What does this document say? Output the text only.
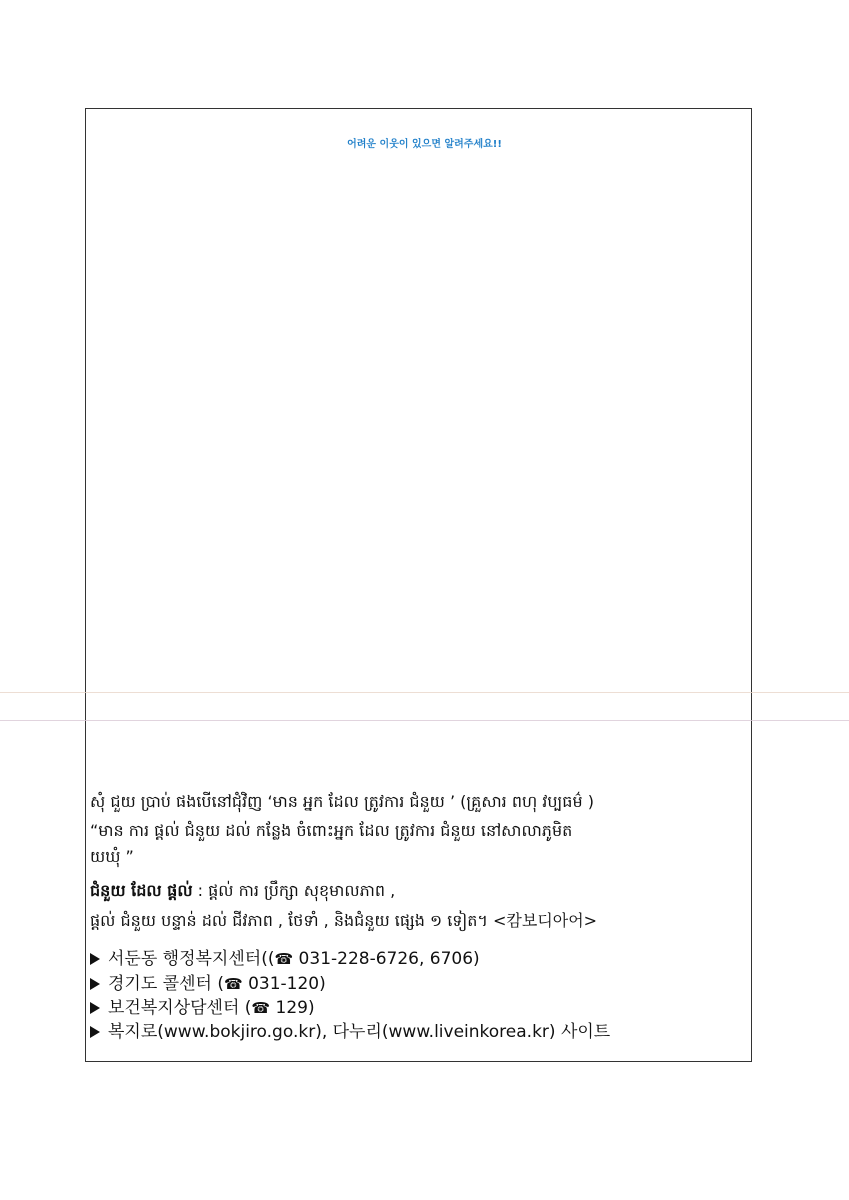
어려운 이웃이 있으면 알려주세요!!

សុំ ជួយ ប្រាប់ ផងបើនៅជុំវិញ ‘មាន អ្នក ដែល ត្រូវការ ជំនួយ ’ (គ្រួសារ ពហុ វប្បធម៌ )

“មាន ការ ផ្តល់ ជំនួយ ដល់ កន្លែង ចំពោះអ្នក ដែល ត្រូវការ ជំនួយ នៅសាលាភូមិត

យឃុំ ”

ជំនួយ ដែល ផ្តល់ : ផ្តល់ ការ ប្រឹក្សា សុខុមាលភាព ,

ផ្តល់ ជំនួយ បន្ទាន់ ដល់ ជីវភាព , ថែទាំ , និងជំនួយ ផ្សេង ១ ទៀត។ <캄보디아어>

서둔동 행정복지센터((☎ 031-228-6726, 6706)
경기도 콜센터 (☎ 031-120)
보건복지상담센터 (☎ 129)
복지로(www.bokjiro.go.kr), 다누리(www.liveinkorea.kr) 사이트
